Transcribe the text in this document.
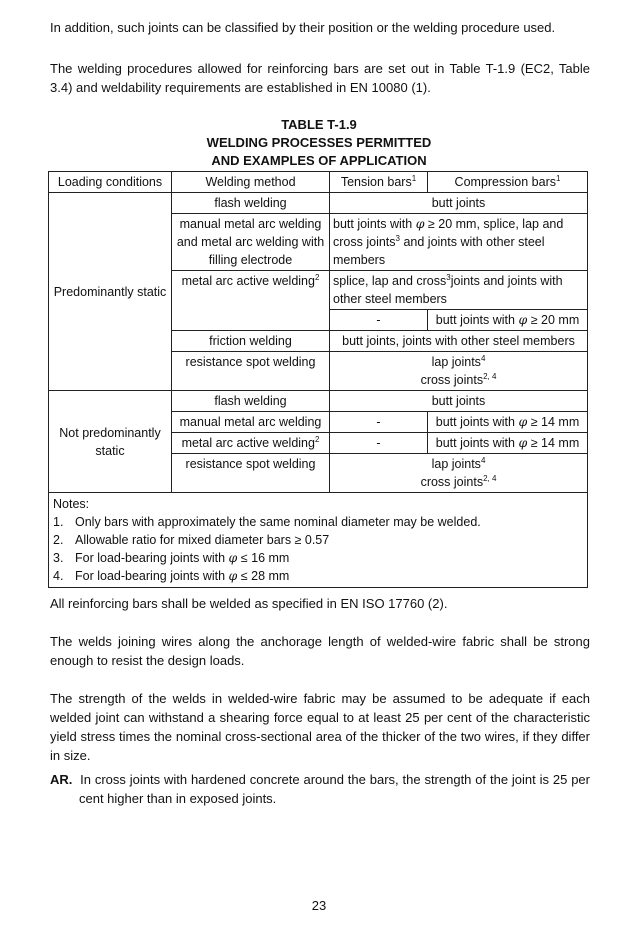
In addition, such joints can be classified by their position or the welding procedure used.

The welding procedures allowed for reinforcing bars are set out in Table T-1.9 (EC2, Table 3.4) and weldability requirements are established in EN 10080 (1).

TABLE T-1.9

WELDING PROCESSES PERMITTED

AND EXAMPLES OF APPLICATION

Loading conditions	Welding method	Tension bars$^1$	Compression bars$^1$
Predominantly static	flash welding	butt joints	
	manual metal arc welding and metal arc welding with filling electrode	butt joints with φ ≥ 20 mm, splice, lap and cross joints$^3$ and joints with other steel members	
	metal arc active welding$^2$	splice, lap and cross$^3$joints and joints with other steel members	
		-	butt joints with φ ≥ 20 mm
	friction welding	butt joints, joints with other steel members	
	resistance spot welding	lap joints$^4$
cross joints$^{2, 4}$

Not predominantly static	flash welding	butt joints	
	manual metal arc welding	-	butt joints with φ ≥ 14 mm
	metal arc active welding$^2$	-	butt joints with φ ≥ 14 mm
	resistance spot welding	lap joints$^4$
cross joints$^{2, 4}$

Notes:
1. Only bars with approximately the same nominal diameter may be welded.
2. Allowable ratio for mixed diameter bars ≥ 0.57
3. For load-bearing joints with φ ≤ 16 mm
4. For load-bearing joints with φ ≤ 28 mm			

All reinforcing bars shall be welded as specified in EN ISO 17760 (2).

The welds joining wires along the anchorage length of welded-wire fabric shall be strong enough to resist the design loads.

The strength of the welds in welded-wire fabric may be assumed to be adequate if each welded joint can withstand a shearing force equal to at least 25 per cent of the characteristic yield stress times the nominal cross-sectional area of the thicker of the two wires, if they differ in size.

AR. In cross joints with hardened concrete around the bars, the strength of the joint is 25 per cent higher than in exposed joints.

23
